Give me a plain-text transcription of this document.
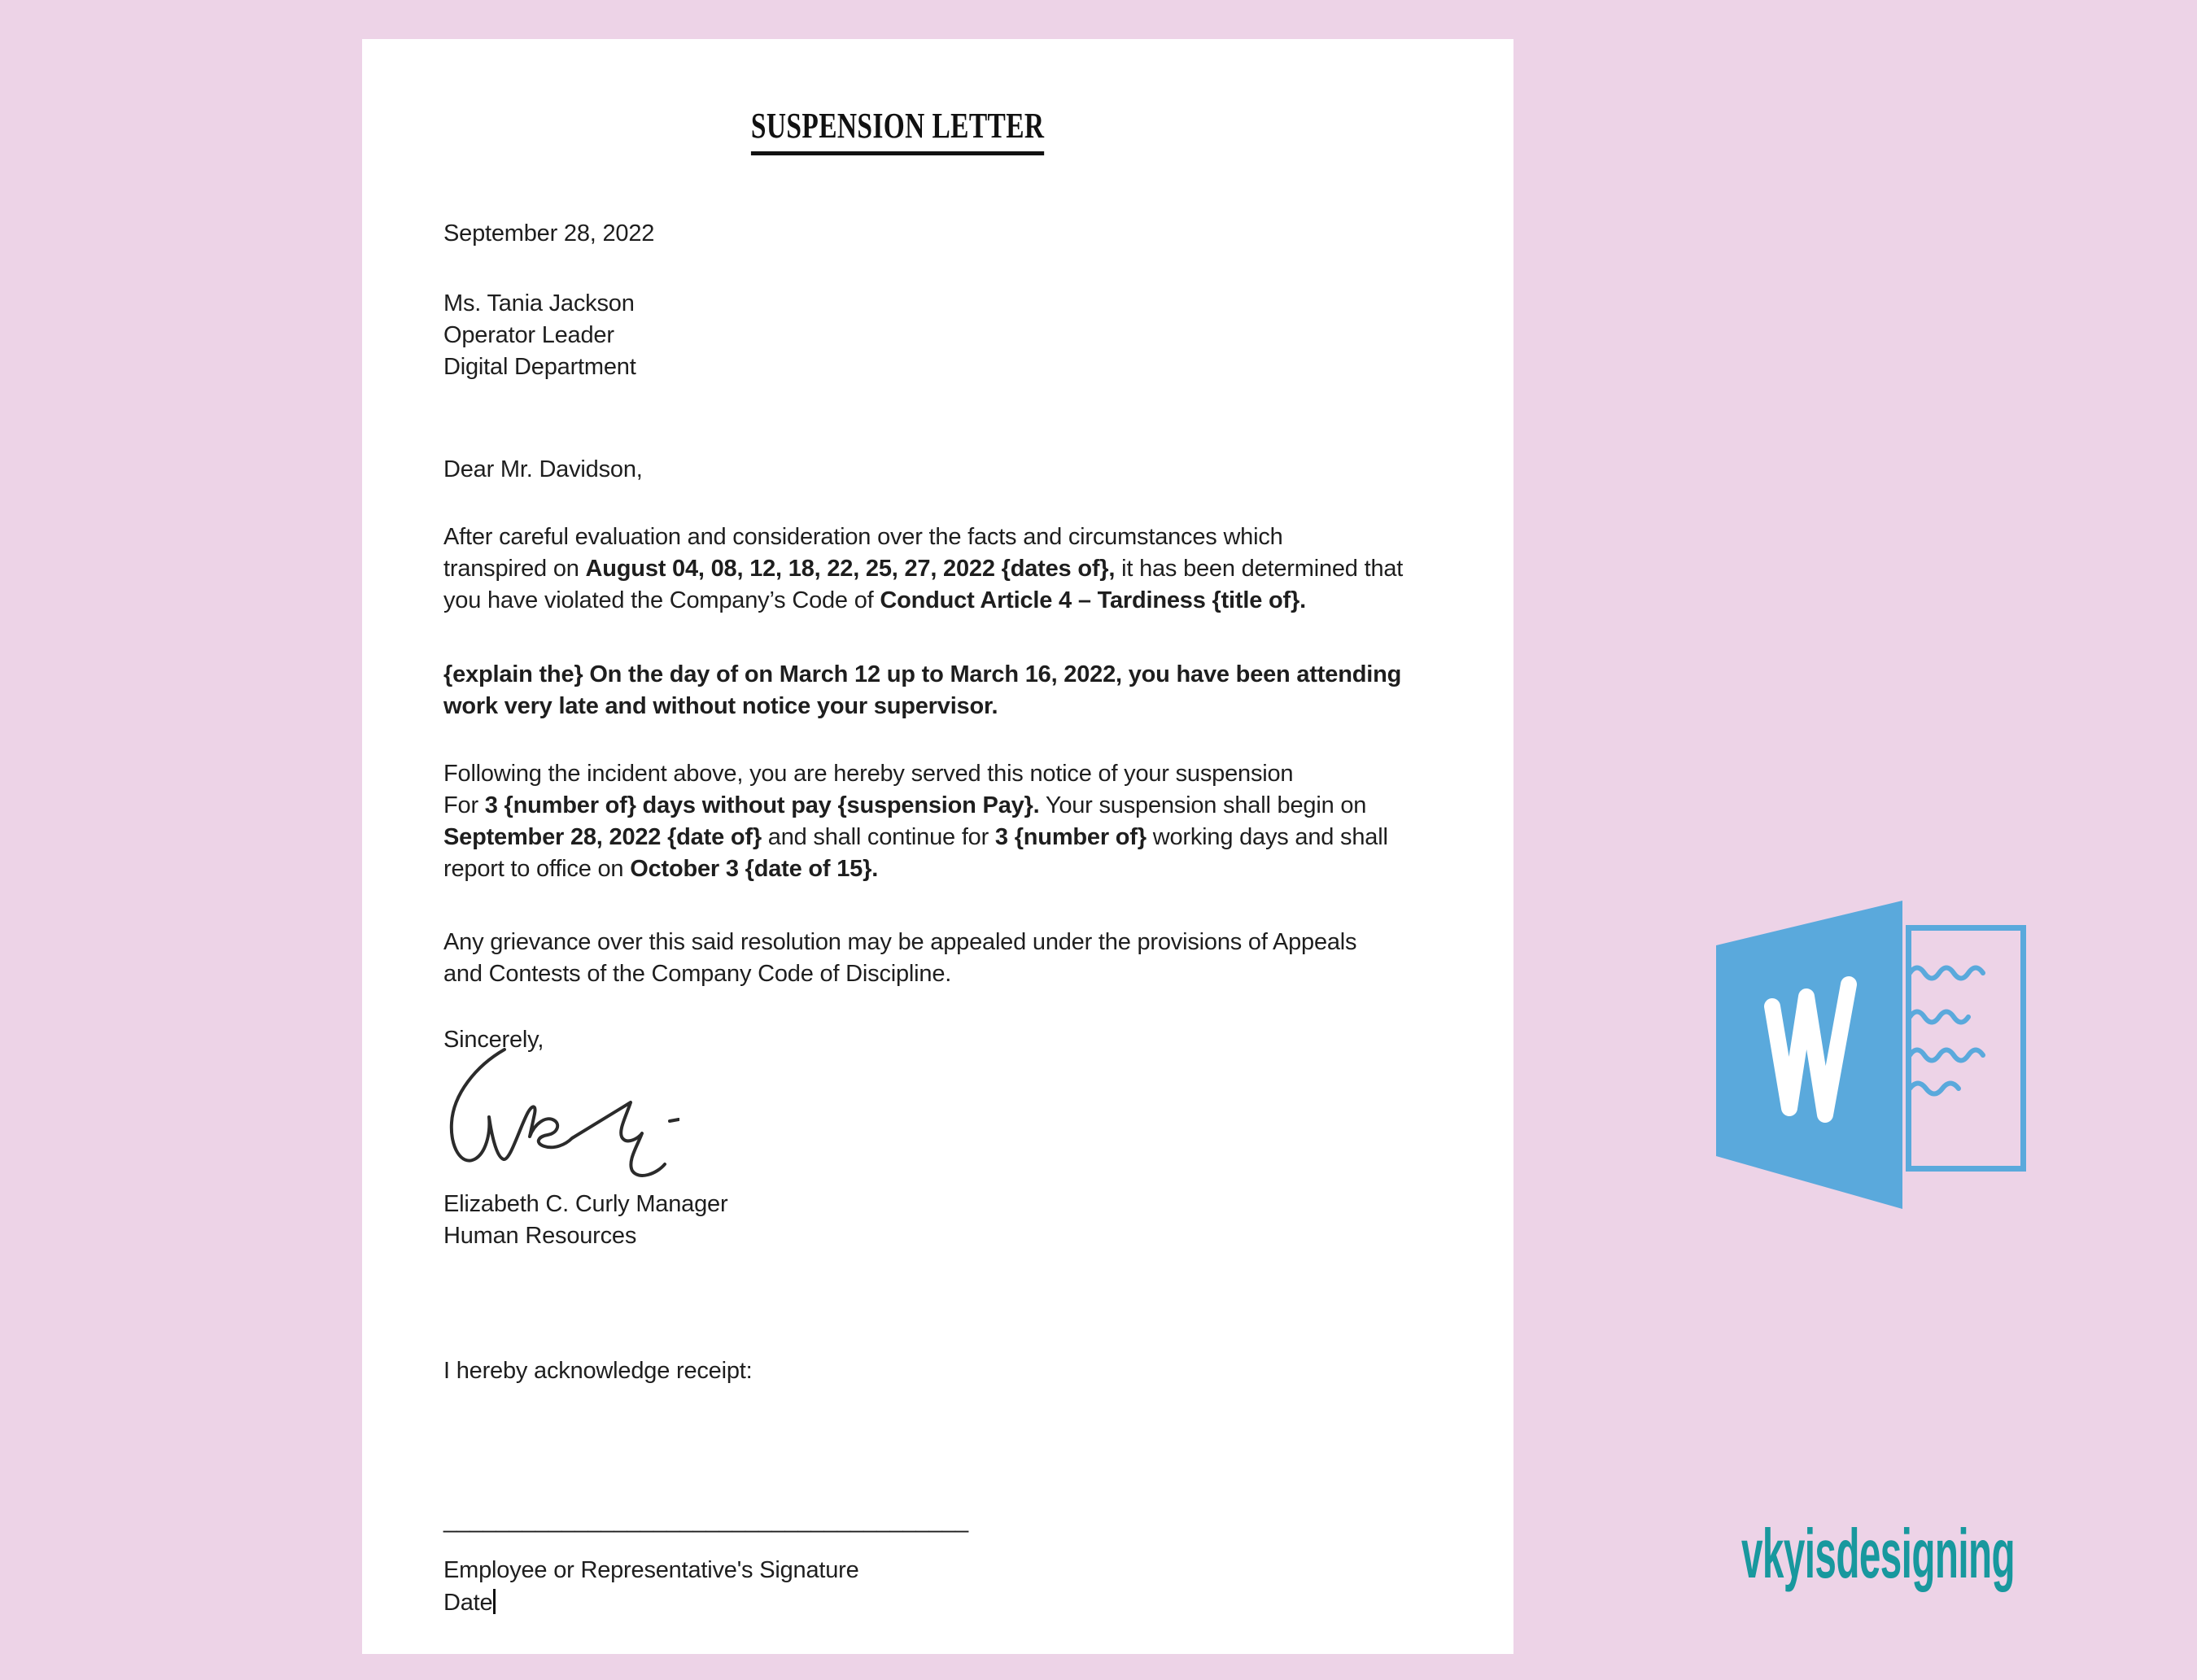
SUSPENSION LETTER
September 28, 2022
Ms. Tania Jackson
Operator Leader
Digital Department
Dear Mr. Davidson,
After careful evaluation and consideration over the facts and circumstances which
transpired on August 04, 08, 12, 18, 22, 25, 27, 2022 {dates of}, it has been determined that
you have violated the Company’s Code of Conduct Article 4 – Tardiness {title of}.
{explain the} On the day of on March 12 up to March 16, 2022, you have been attending
work very late and without notice your supervisor.
Following the incident above, you are hereby served this notice of your suspension
For 3 {number of} days without pay {suspension Pay}. Your suspension shall begin on
September 28, 2022 {date of} and shall continue for 3 {number of} working days and shall
report to office on October 3 {date of 15}.
Any grievance over this said resolution may be appealed under the provisions of Appeals
and Contests of the Company Code of Discipline.
Sincerely,
Elizabeth C. Curly Manager
Human Resources
I hereby acknowledge receipt:
________________________________________
Employee or Representative's Signature
Date
vkyisdesigning
